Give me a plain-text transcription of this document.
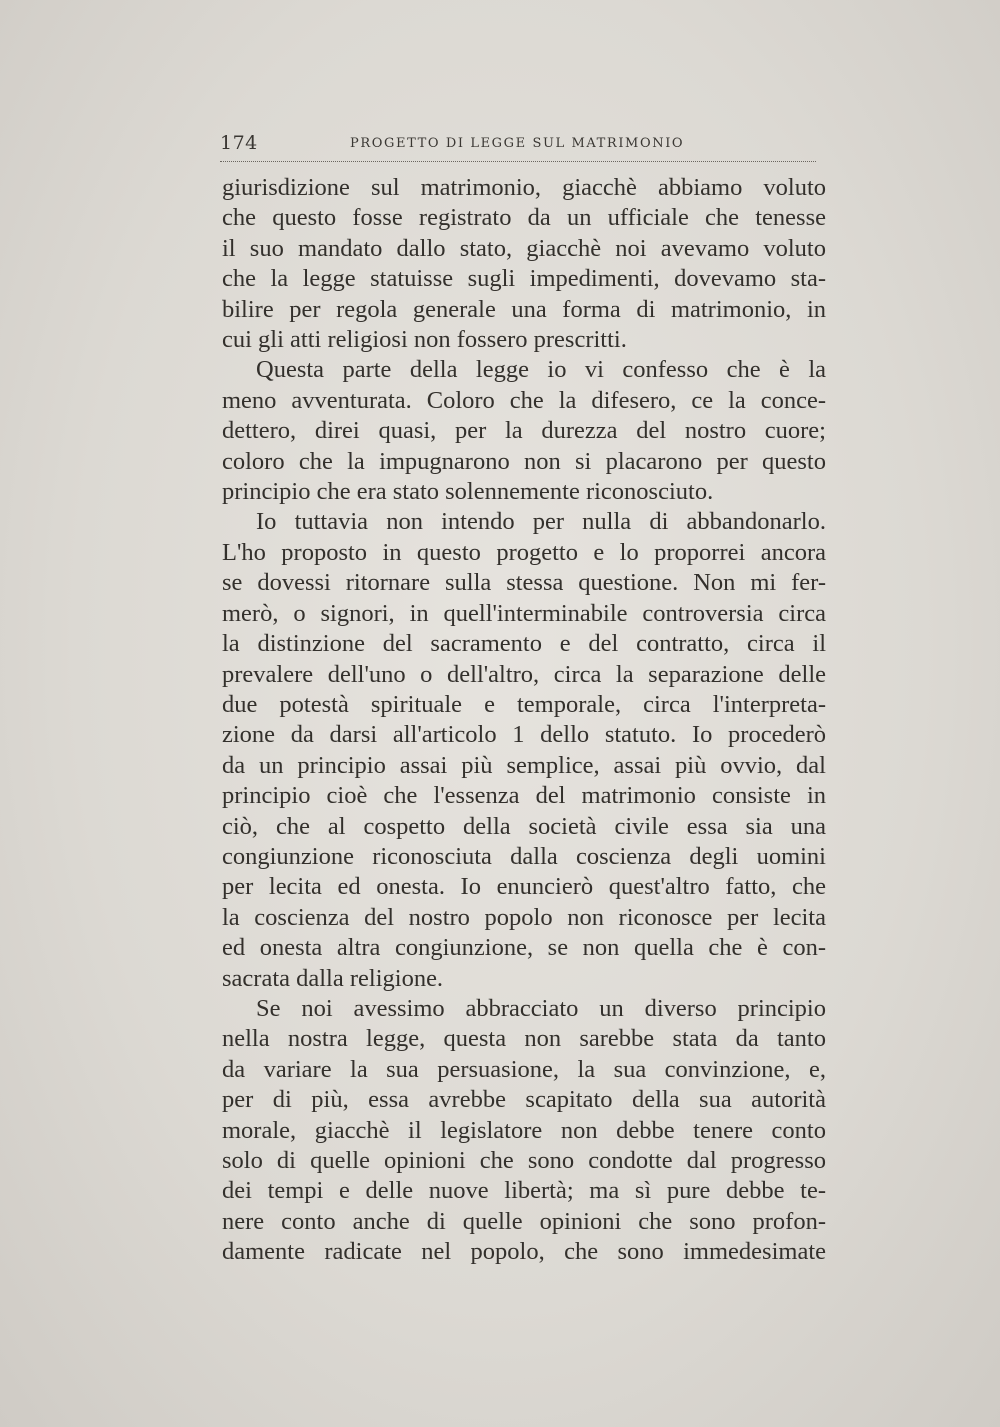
174	PROGETTO DI LEGGE SUL MATRIMONIO
giurisdizione sul matrimonio, giacchè abbiamo voluto
che questo fosse registrato da un ufficiale che tenesse
il suo mandato dallo stato, giacchè noi avevamo voluto
che la legge statuisse sugli impedimenti, dovevamo sta-
bilire per regola generale una forma di matrimonio, in
cui gli atti religiosi non fossero prescritti.
Questa parte della legge io vi confesso che è la
meno avventurata. Coloro che la difesero, ce la conce-
dettero, direi quasi, per la durezza del nostro cuore;
coloro che la impugnarono non si placarono per questo
principio che era stato solennemente riconosciuto.
Io tuttavia non intendo per nulla di abbandonarlo.
L'ho proposto in questo progetto e lo proporrei ancora
se dovessi ritornare sulla stessa questione. Non mi fer-
merò, o signori, in quell'interminabile controversia circa
la distinzione del sacramento e del contratto, circa il
prevalere dell'uno o dell'altro, circa la separazione delle
due potestà spirituale e temporale, circa l'interpreta-
zione da darsi all'articolo 1 dello statuto. Io procederò
da un principio assai più semplice, assai più ovvio, dal
principio cioè che l'essenza del matrimonio consiste in
ciò, che al cospetto della società civile essa sia una
congiunzione riconosciuta dalla coscienza degli uomini
per lecita ed onesta. Io enuncierò quest'altro fatto, che
la coscienza del nostro popolo non riconosce per lecita
ed onesta altra congiunzione, se non quella che è con-
sacrata dalla religione.
Se noi avessimo abbracciato un diverso principio
nella nostra legge, questa non sarebbe stata da tanto
da variare la sua persuasione, la sua convinzione, e,
per di più, essa avrebbe scapitato della sua autorità
morale, giacchè il legislatore non debbe tenere conto
solo di quelle opinioni che sono condotte dal progresso
dei tempi e delle nuove libertà; ma sì pure debbe te-
nere conto anche di quelle opinioni che sono profon-
damente radicate nel popolo, che sono immedesimate
